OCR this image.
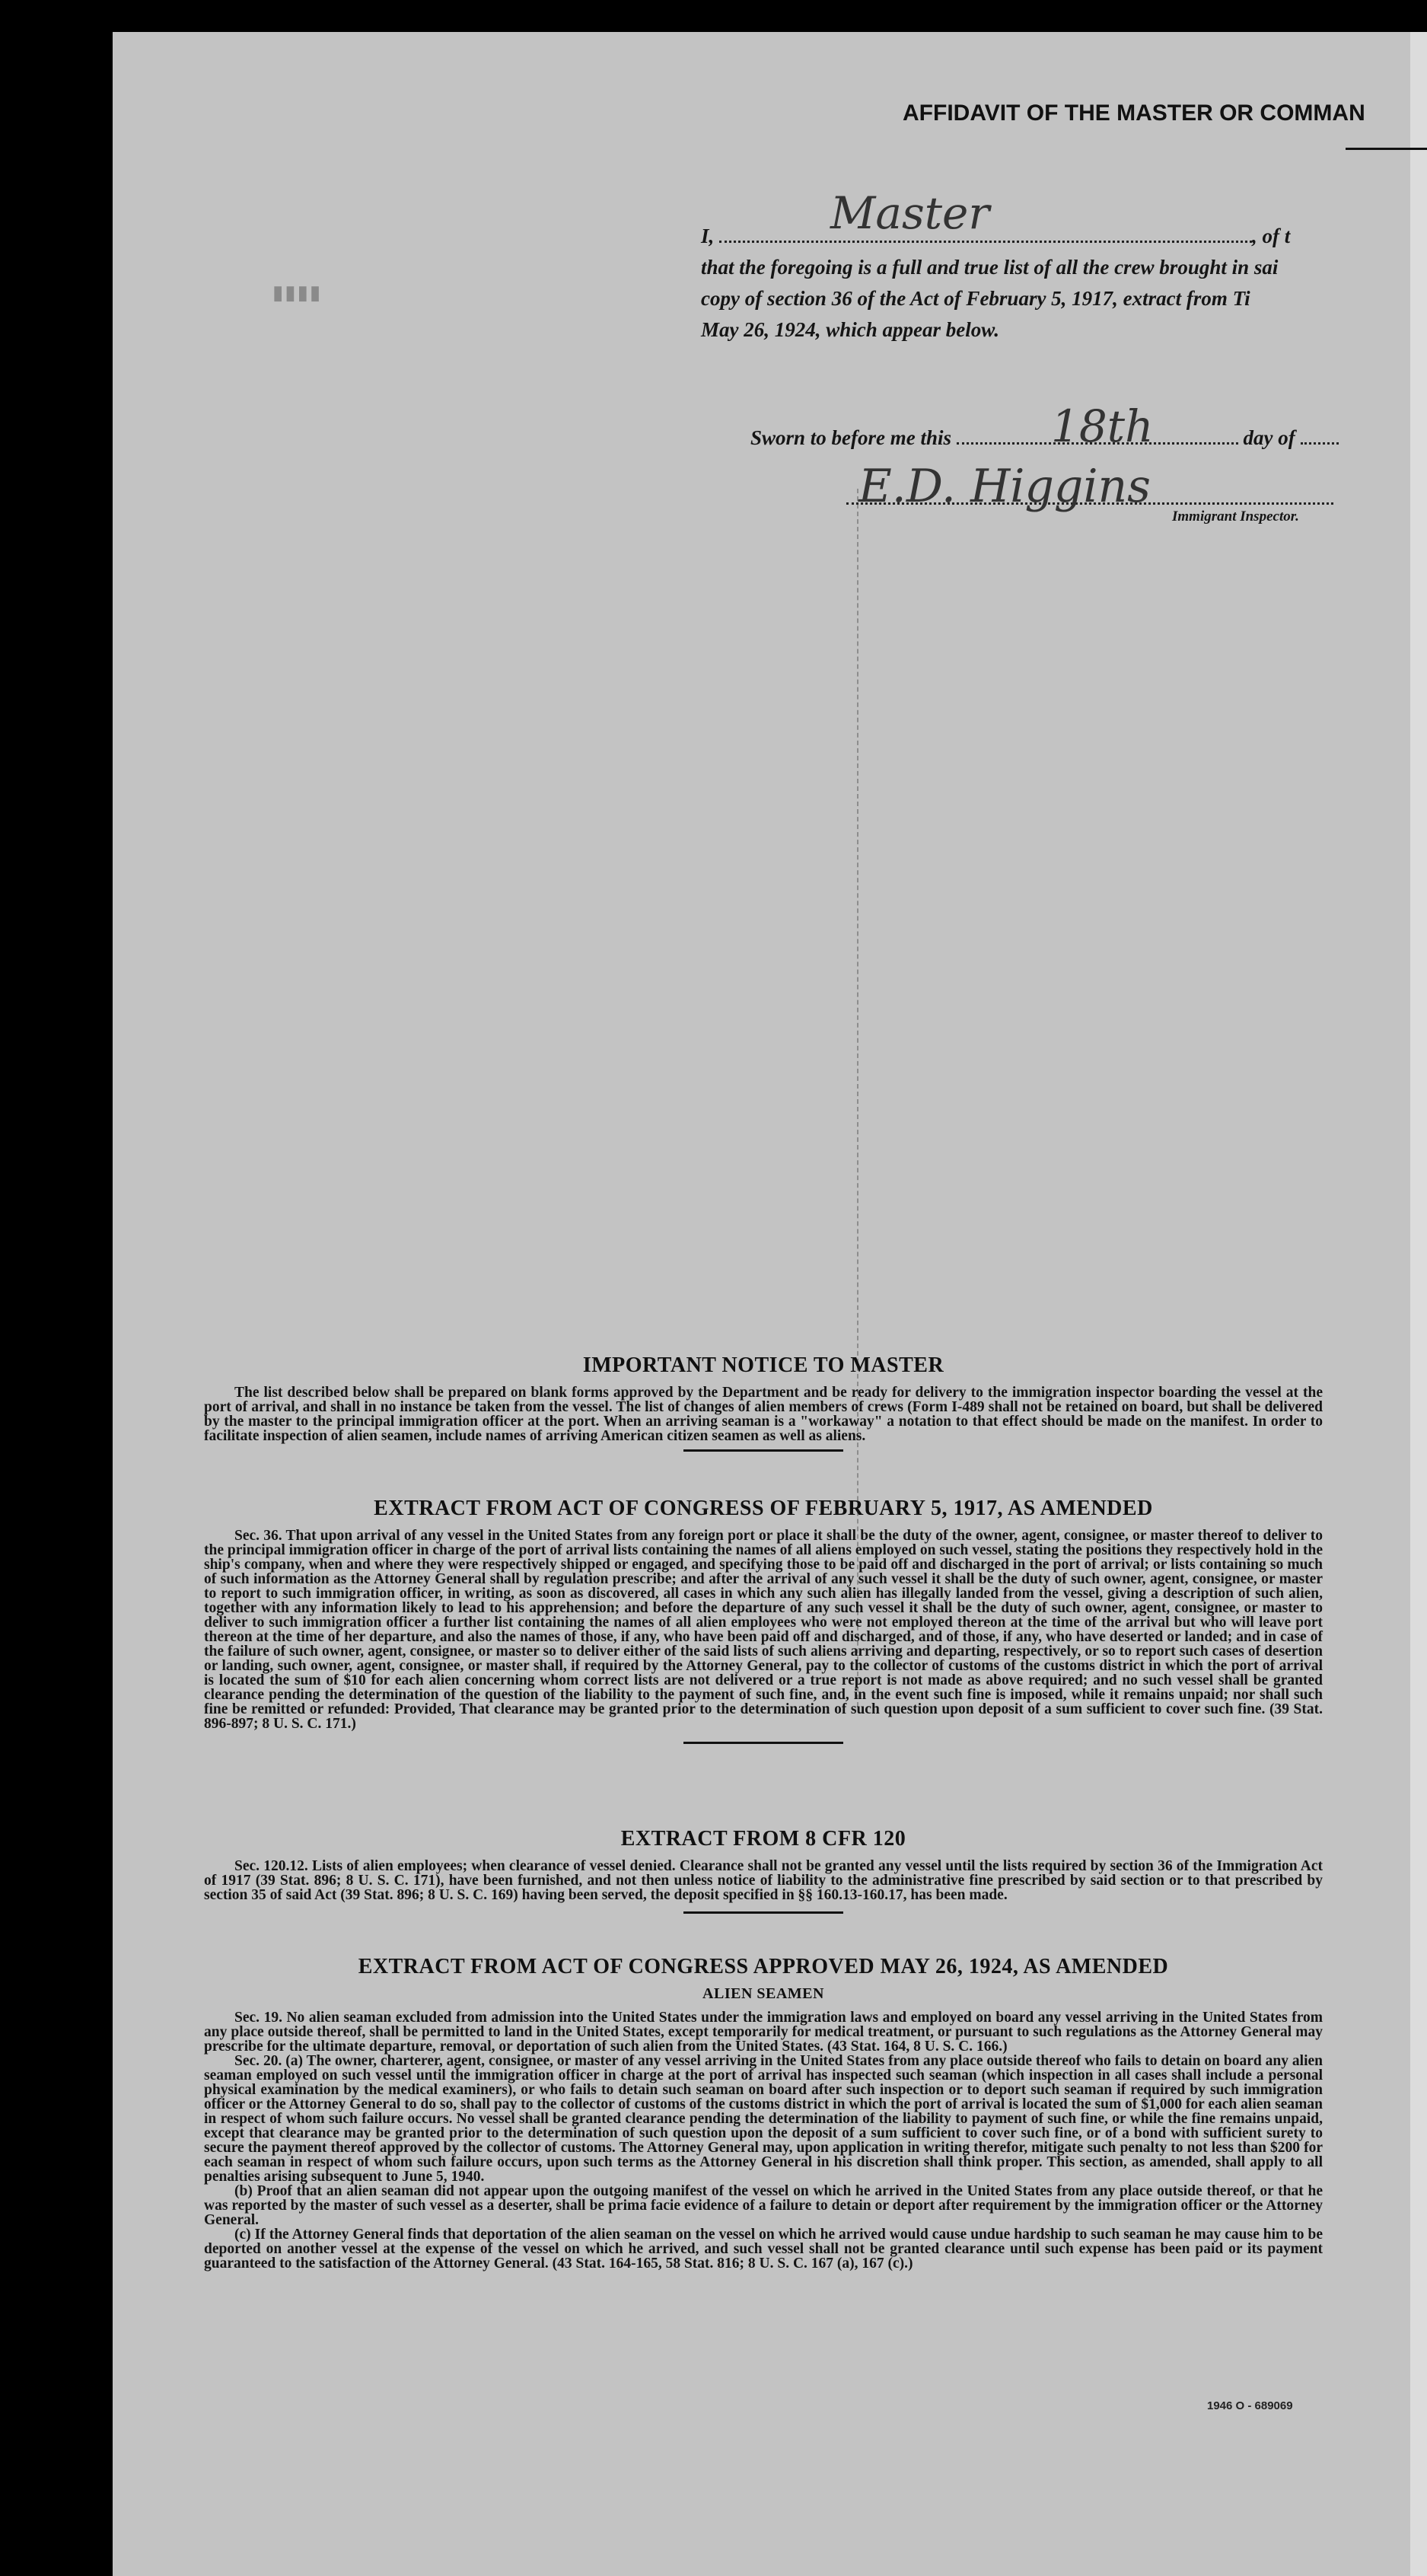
▮▮▮▮
AFFIDAVIT OF THE MASTER OR COMMAN
I,	, of t
Master
that the foregoing is a full and true list of all the crew brought in sai
copy of section 36 of the Act of February 5, 1917, extract from Ti
May 26, 1924, which appear below.
Sworn to before me this	day of
18th
E.D. Higgins
Immigrant Inspector.
IMPORTANT NOTICE TO MASTER

The list described below shall be prepared on blank forms approved by the Department and be ready for delivery to the immigration inspector boarding the vessel at the port of arrival, and shall in no instance be taken from the vessel. The list of changes of alien members of crews (Form I-489 shall not be retained on board, but shall be delivered by the master to the principal immigration officer at the port. When an arriving seaman is a "workaway" a notation to that effect should be made on the manifest. In order to facilitate inspection of alien seamen, include names of arriving American citizen seamen as well as aliens.

EXTRACT FROM ACT OF CONGRESS OF FEBRUARY 5, 1917, AS AMENDED

Sec. 36. That upon arrival of any vessel in the United States from any foreign port or place it shall be the duty of the owner, agent, consignee, or master thereof to deliver to the principal immigration officer in charge of the port of arrival lists containing the names of all aliens employed on such vessel, stating the positions they respectively hold in the ship's company, when and where they were respectively shipped or engaged, and specifying those to be paid off and discharged in the port of arrival; or lists containing so much of such information as the Attorney General shall by regulation prescribe; and after the arrival of any such vessel it shall be the duty of such owner, agent, consignee, or master to report to such immigration officer, in writing, as soon as discovered, all cases in which any such alien has illegally landed from the vessel, giving a description of such alien, together with any information likely to lead to his apprehension; and before the departure of any such vessel it shall be the duty of such owner, agent, consignee, or master to deliver to such immigration officer a further list containing the names of all alien employees who were not employed thereon at the time of the arrival but who will leave port thereon at the time of her departure, and also the names of those, if any, who have been paid off and discharged, and of those, if any, who have deserted or landed; and in case of the failure of such owner, agent, consignee, or master so to deliver either of the said lists of such aliens arriving and departing, respectively, or so to report such cases of desertion or landing, such owner, agent, consignee, or master shall, if required by the Attorney General, pay to the collector of customs of the customs district in which the port of arrival is located the sum of $10 for each alien concerning whom correct lists are not delivered or a true report is not made as above required; and no such vessel shall be granted clearance pending the determination of the question of the liability to the payment of such fine, and, in the event such fine is imposed, while it remains unpaid; nor shall such fine be remitted or refunded: Provided, That clearance may be granted prior to the determination of such question upon deposit of a sum sufficient to cover such fine. (39 Stat. 896-897; 8 U. S. C. 171.)

EXTRACT FROM 8 CFR 120

Sec. 120.12. Lists of alien employees; when clearance of vessel denied. Clearance shall not be granted any vessel until the lists required by section 36 of the Immigration Act of 1917 (39 Stat. 896; 8 U. S. C. 171), have been furnished, and not then unless notice of liability to the administrative fine prescribed by said section or to that prescribed by section 35 of said Act (39 Stat. 896; 8 U. S. C. 169) having been served, the deposit specified in §§ 160.13-160.17, has been made.

EXTRACT FROM ACT OF CONGRESS APPROVED MAY 26, 1924, AS AMENDED
ALIEN SEAMEN

Sec. 19. No alien seaman excluded from admission into the United States under the immigration laws and employed on board any vessel arriving in the United States from any place outside thereof, shall be permitted to land in the United States, except temporarily for medical treatment, or pursuant to such regulations as the Attorney General may prescribe for the ultimate departure, removal, or deportation of such alien from the United States. (43 Stat. 164, 8 U. S. C. 166.)

Sec. 20. (a) The owner, charterer, agent, consignee, or master of any vessel arriving in the United States from any place outside thereof who fails to detain on board any alien seaman employed on such vessel until the immigration officer in charge at the port of arrival has inspected such seaman (which inspection in all cases shall include a personal physical examination by the medical examiners), or who fails to detain such seaman on board after such inspection or to deport such seaman if required by such immigration officer or the Attorney General to do so, shall pay to the collector of customs of the customs district in which the port of arrival is located the sum of $1,000 for each alien seaman in respect of whom such failure occurs. No vessel shall be granted clearance pending the determination of the liability to payment of such fine, or while the fine remains unpaid, except that clearance may be granted prior to the determination of such question upon the deposit of a sum sufficient to cover such fine, or of a bond with sufficient surety to secure the payment thereof approved by the collector of customs. The Attorney General may, upon application in writing therefor, mitigate such penalty to not less than $200 for each seaman in respect of whom such failure occurs, upon such terms as the Attorney General in his discretion shall think proper. This section, as amended, shall apply to all penalties arising subsequent to June 5, 1940.

(b) Proof that an alien seaman did not appear upon the outgoing manifest of the vessel on which he arrived in the United States from any place outside thereof, or that he was reported by the master of such vessel as a deserter, shall be prima facie evidence of a failure to detain or deport after requirement by the immigration officer or the Attorney General.

(c) If the Attorney General finds that deportation of the alien seaman on the vessel on which he arrived would cause undue hardship to such seaman he may cause him to be deported on another vessel at the expense of the vessel on which he arrived, and such vessel shall not be granted clearance until such expense has been paid or its payment guaranteed to the satisfaction of the Attorney General. (43 Stat. 164-165, 58 Stat. 816; 8 U. S. C. 167 (a), 167 (c).)

1946 O - 689069
